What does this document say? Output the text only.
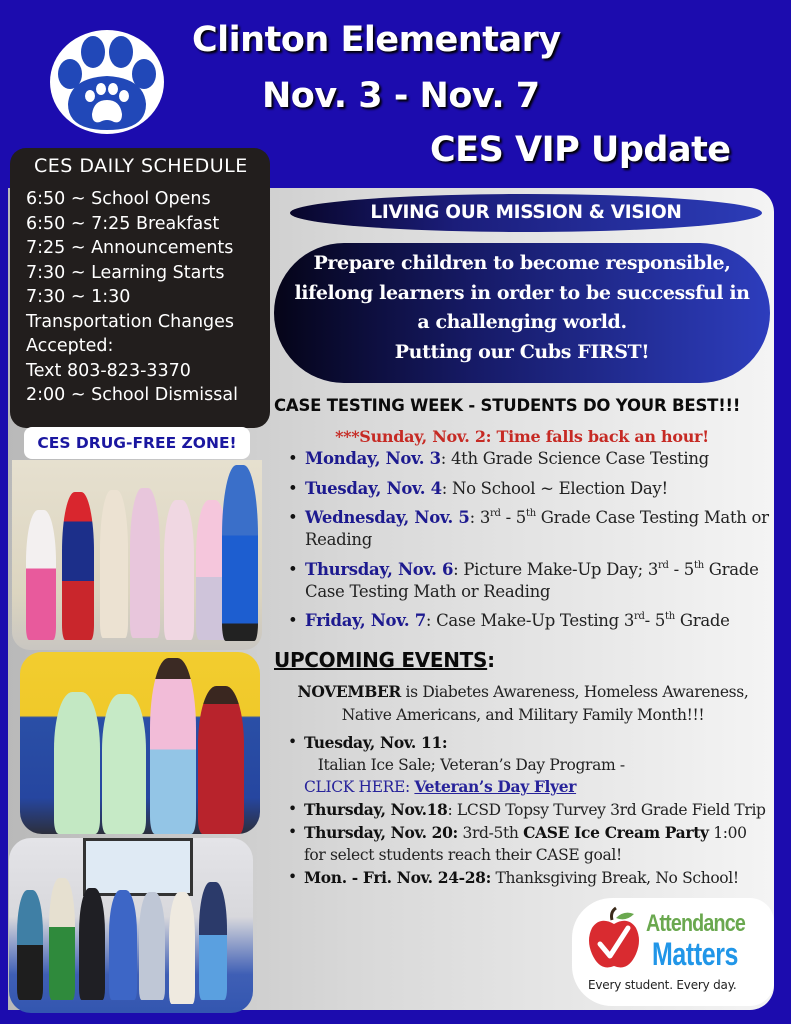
Clinton Elementary
Nov. 3 - Nov. 7
CES VIP Update
CES DAILY SCHEDULE
6:50 ~ School Opens
6:50 ~ 7:25 Breakfast
7:25 ~ Announcements
7:30 ~ Learning Starts
7:30 ~ 1:30
Transportation Changes
Accepted:
Text 803-823-3370
2:00 ~ School Dismissal
CES DRUG-FREE ZONE!
LIVING OUR MISSION & VISION
Prepare children to become responsible,
lifelong learners in order to be successful in
a challenging world.
Putting our Cubs FIRST!
CASE TESTING WEEK - STUDENTS DO YOUR BEST!!!
***Sunday, Nov. 2: Time falls back an hour!
• Monday, Nov. 3: 4th Grade Science Case Testing
• Tuesday, Nov. 4: No School ~ Election Day!
• Wednesday, Nov. 5: 3rd - 5th Grade Case Testing Math or Reading
• Thursday, Nov. 6: Picture Make-Up Day; 3rd - 5th Grade Case Testing Math or Reading
• Friday, Nov. 7: Case Make-Up Testing 3rd- 5th Grade
UPCOMING EVENTS:
NOVEMBER is Diabetes Awareness, Homeless Awareness, Native Americans, and Military Family Month!!!
• Tuesday, Nov. 11:   Italian Ice Sale; Veteran’s Day Program -
CLICK HERE: Veteran’s Day Flyer
• Thursday, Nov.18: LCSD Topsy Turvey 3rd Grade Field Trip
• Thursday, Nov. 20: 3rd-5th CASE Ice Cream Party 1:00 for select students reach their CASE goal!
• Mon. - Fri. Nov. 24-28: Thanksgiving Break, No School!
Attendance
Matters
Every student. Every day.
